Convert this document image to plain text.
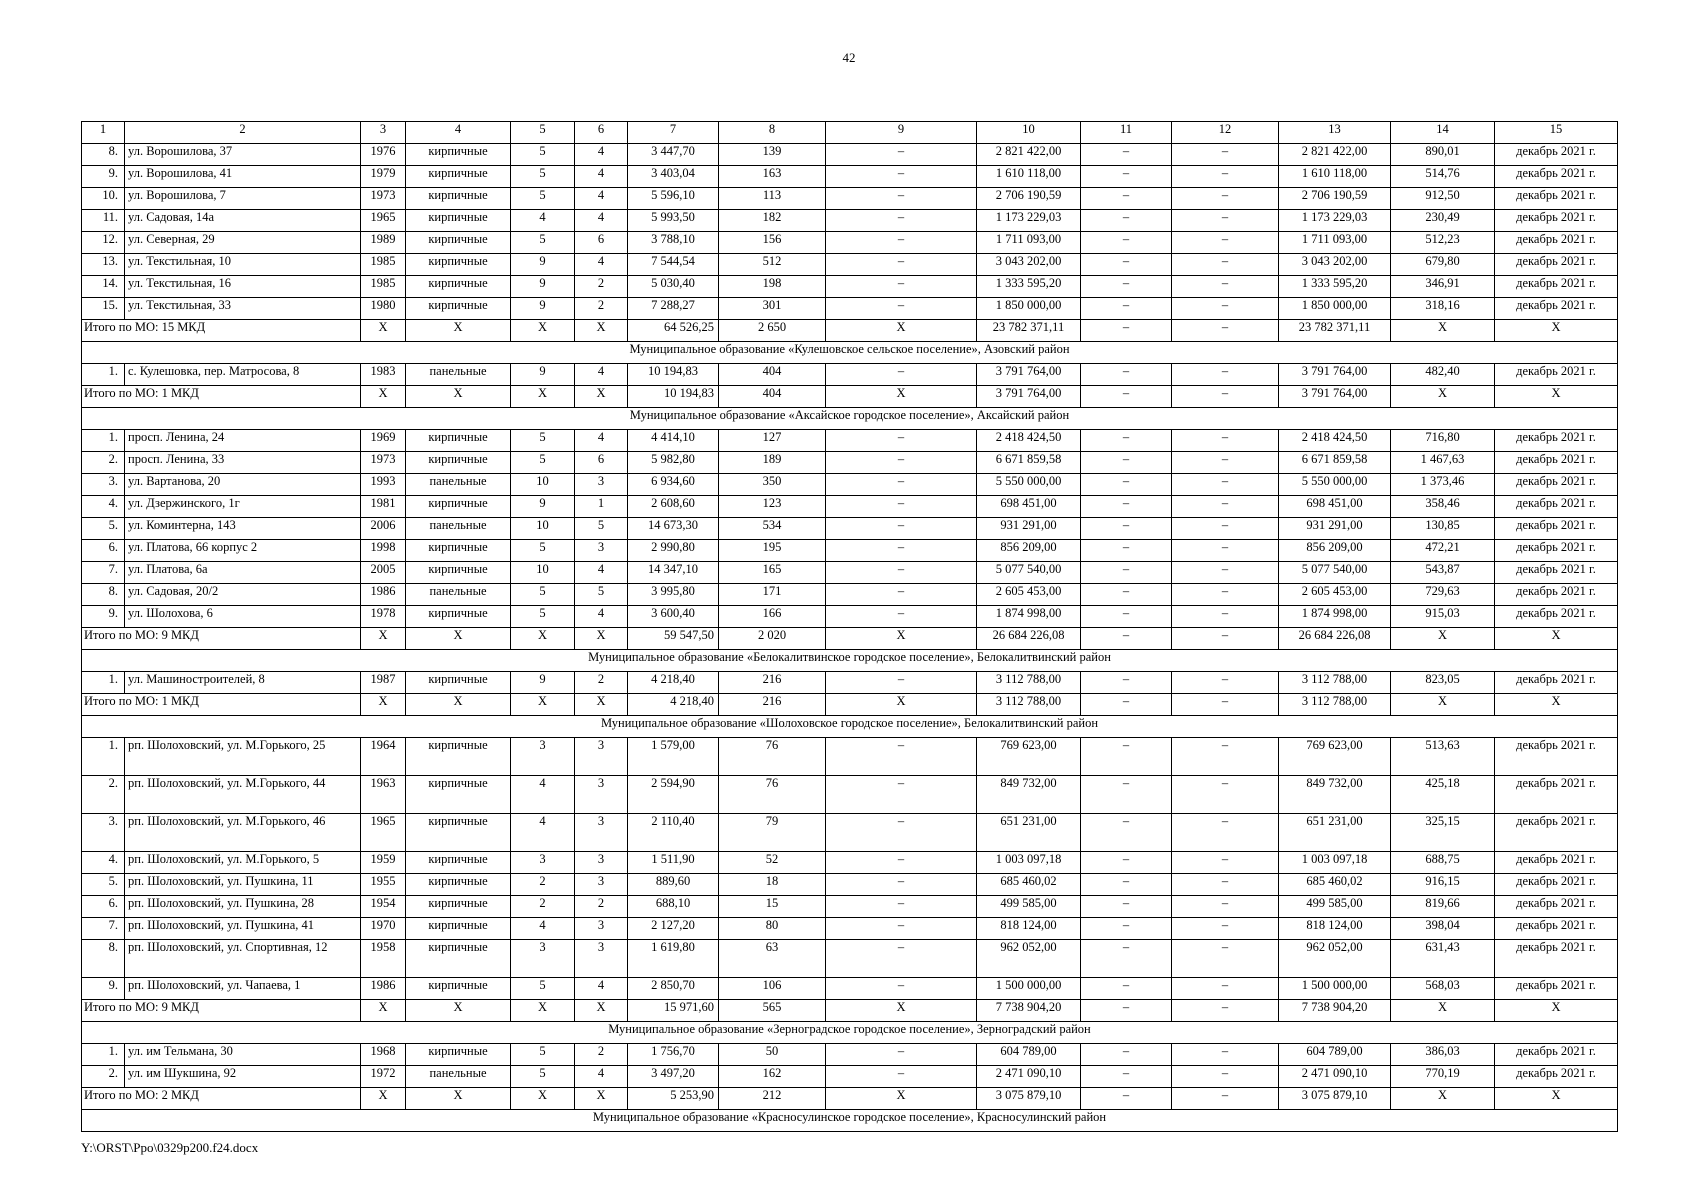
42
1	2	3	4	5	6	7	8	9	10	11	12	13	14	15
8.	ул. Ворошилова, 37	1976	кирпичные	5	4	3 447,70	139	–	2 821 422,00	–	–	2 821 422,00	890,01	декабрь 2021 г.
9.	ул. Ворошилова, 41	1979	кирпичные	5	4	3 403,04	163	–	1 610 118,00	–	–	1 610 118,00	514,76	декабрь 2021 г.
10.	ул. Ворошилова, 7	1973	кирпичные	5	4	5 596,10	113	–	2 706 190,59	–	–	2 706 190,59	912,50	декабрь 2021 г.
11.	ул. Садовая, 14а	1965	кирпичные	4	4	5 993,50	182	–	1 173 229,03	–	–	1 173 229,03	230,49	декабрь 2021 г.
12.	ул. Северная, 29	1989	кирпичные	5	6	3 788,10	156	–	1 711 093,00	–	–	1 711 093,00	512,23	декабрь 2021 г.
13.	ул. Текстильная, 10	1985	кирпичные	9	4	7 544,54	512	–	3 043 202,00	–	–	3 043 202,00	679,80	декабрь 2021 г.
14.	ул. Текстильная, 16	1985	кирпичные	9	2	5 030,40	198	–	1 333 595,20	–	–	1 333 595,20	346,91	декабрь 2021 г.
15.	ул. Текстильная, 33	1980	кирпичные	9	2	7 288,27	301	–	1 850 000,00	–	–	1 850 000,00	318,16	декабрь 2021 г.
Итого по МО: 15 МКД		X	X	X	X	64 526,25	2 650	X	23 782 371,11	–	–	23 782 371,11	X	X
Муниципальное образование «Кулешовское сельское поселение», Азовский район														
1.	с. Кулешовка, пер. Матросова, 8	1983	панельные	9	4	10 194,83	404	–	3 791 764,00	–	–	3 791 764,00	482,40	декабрь 2021 г.
Итого по МО: 1 МКД		X	X	X	X	10 194,83	404	X	3 791 764,00	–	–	3 791 764,00	X	X
Муниципальное образование «Аксайское городское поселение», Аксайский район														
1.	просп. Ленина, 24	1969	кирпичные	5	4	4 414,10	127	–	2 418 424,50	–	–	2 418 424,50	716,80	декабрь 2021 г.
2.	просп. Ленина, 33	1973	кирпичные	5	6	5 982,80	189	–	6 671 859,58	–	–	6 671 859,58	1 467,63	декабрь 2021 г.
3.	ул. Вартанова, 20	1993	панельные	10	3	6 934,60	350	–	5 550 000,00	–	–	5 550 000,00	1 373,46	декабрь 2021 г.
4.	ул. Дзержинского, 1г	1981	кирпичные	9	1	2 608,60	123	–	698 451,00	–	–	698 451,00	358,46	декабрь 2021 г.
5.	ул. Коминтерна, 143	2006	панельные	10	5	14 673,30	534	–	931 291,00	–	–	931 291,00	130,85	декабрь 2021 г.
6.	ул. Платова, 66 корпус 2	1998	кирпичные	5	3	2 990,80	195	–	856 209,00	–	–	856 209,00	472,21	декабрь 2021 г.
7.	ул. Платова, 6а	2005	кирпичные	10	4	14 347,10	165	–	5 077 540,00	–	–	5 077 540,00	543,87	декабрь 2021 г.
8.	ул. Садовая, 20/2	1986	панельные	5	5	3 995,80	171	–	2 605 453,00	–	–	2 605 453,00	729,63	декабрь 2021 г.
9.	ул. Шолохова, 6	1978	кирпичные	5	4	3 600,40	166	–	1 874 998,00	–	–	1 874 998,00	915,03	декабрь 2021 г.
Итого по МО: 9 МКД		X	X	X	X	59 547,50	2 020	X	26 684 226,08	–	–	26 684 226,08	X	X
Муниципальное образование «Белокалитвинское городское поселение», Белокалитвинский район														
1.	ул. Машиностроителей, 8	1987	кирпичные	9	2	4 218,40	216	–	3 112 788,00	–	–	3 112 788,00	823,05	декабрь 2021 г.
Итого по МО: 1 МКД		X	X	X	X	4 218,40	216	X	3 112 788,00	–	–	3 112 788,00	X	X
Муниципальное образование «Шолоховское городское поселение», Белокалитвинский район														
1.	рп. Шолоховский, ул. М.Горького, 25	1964	кирпичные	3	3	1 579,00	76	–	769 623,00	–	–	769 623,00	513,63	декабрь 2021 г.
2.	рп. Шолоховский, ул. М.Горького, 44	1963	кирпичные	4	3	2 594,90	76	–	849 732,00	–	–	849 732,00	425,18	декабрь 2021 г.
3.	рп. Шолоховский, ул. М.Горького, 46	1965	кирпичные	4	3	2 110,40	79	–	651 231,00	–	–	651 231,00	325,15	декабрь 2021 г.
4.	рп. Шолоховский, ул. М.Горького, 5	1959	кирпичные	3	3	1 511,90	52	–	1 003 097,18	–	–	1 003 097,18	688,75	декабрь 2021 г.
5.	рп. Шолоховский, ул. Пушкина, 11	1955	кирпичные	2	3	889,60	18	–	685 460,02	–	–	685 460,02	916,15	декабрь 2021 г.
6.	рп. Шолоховский, ул. Пушкина, 28	1954	кирпичные	2	2	688,10	15	–	499 585,00	–	–	499 585,00	819,66	декабрь 2021 г.
7.	рп. Шолоховский, ул. Пушкина, 41	1970	кирпичные	4	3	2 127,20	80	–	818 124,00	–	–	818 124,00	398,04	декабрь 2021 г.
8.	рп. Шолоховский, ул. Спортивная, 12	1958	кирпичные	3	3	1 619,80	63	–	962 052,00	–	–	962 052,00	631,43	декабрь 2021 г.
9.	рп. Шолоховский, ул. Чапаева, 1	1986	кирпичные	5	4	2 850,70	106	–	1 500 000,00	–	–	1 500 000,00	568,03	декабрь 2021 г.
Итого по МО: 9 МКД		X	X	X	X	15 971,60	565	X	7 738 904,20	–	–	7 738 904,20	X	X
Муниципальное образование «Зерноградское городское поселение», Зерноградский район														
1.	ул. им Тельмана, 30	1968	кирпичные	5	2	1 756,70	50	–	604 789,00	–	–	604 789,00	386,03	декабрь 2021 г.
2.	ул. им Шукшина, 92	1972	панельные	5	4	3 497,20	162	–	2 471 090,10	–	–	2 471 090,10	770,19	декабрь 2021 г.
Итого по МО: 2 МКД		X	X	X	X	5 253,90	212	X	3 075 879,10	–	–	3 075 879,10	X	X
Муниципальное образование «Красносулинское городское поселение», Красносулинский район														
Y:\ORST\Ppo\0329p200.f24.docx
